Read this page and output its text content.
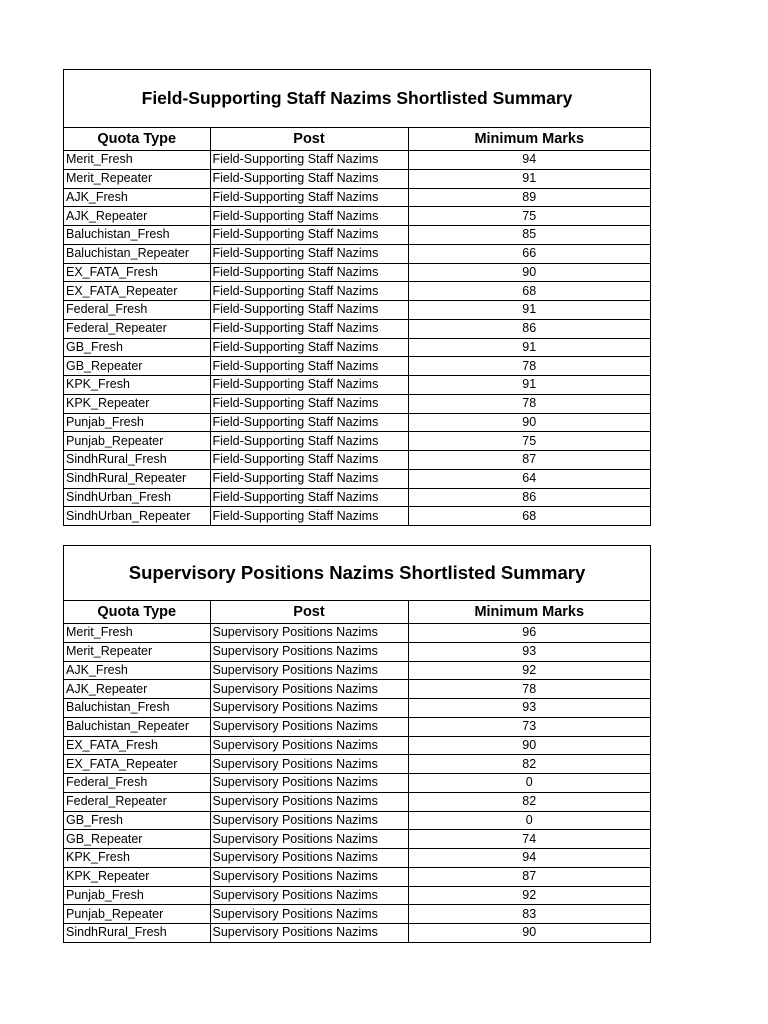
Field-Supporting Staff Nazims Shortlisted Summary
Quota Type	Post	Minimum Marks
Merit_Fresh	Field-Supporting Staff Nazims	94
Merit_Repeater	Field-Supporting Staff Nazims	91
AJK_Fresh	Field-Supporting Staff Nazims	89
AJK_Repeater	Field-Supporting Staff Nazims	75
Baluchistan_Fresh	Field-Supporting Staff Nazims	85
Baluchistan_Repeater	Field-Supporting Staff Nazims	66
EX_FATA_Fresh	Field-Supporting Staff Nazims	90
EX_FATA_Repeater	Field-Supporting Staff Nazims	68
Federal_Fresh	Field-Supporting Staff Nazims	91
Federal_Repeater	Field-Supporting Staff Nazims	86
GB_Fresh	Field-Supporting Staff Nazims	91
GB_Repeater	Field-Supporting Staff Nazims	78
KPK_Fresh	Field-Supporting Staff Nazims	91
KPK_Repeater	Field-Supporting Staff Nazims	78
Punjab_Fresh	Field-Supporting Staff Nazims	90
Punjab_Repeater	Field-Supporting Staff Nazims	75
SindhRural_Fresh	Field-Supporting Staff Nazims	87
SindhRural_Repeater	Field-Supporting Staff Nazims	64
SindhUrban_Fresh	Field-Supporting Staff Nazims	86
SindhUrban_Repeater	Field-Supporting Staff Nazims	68
Supervisory Positions Nazims Shortlisted Summary
Quota Type	Post	Minimum Marks
Merit_Fresh	Supervisory Positions Nazims	96
Merit_Repeater	Supervisory Positions Nazims	93
AJK_Fresh	Supervisory Positions Nazims	92
AJK_Repeater	Supervisory Positions Nazims	78
Baluchistan_Fresh	Supervisory Positions Nazims	93
Baluchistan_Repeater	Supervisory Positions Nazims	73
EX_FATA_Fresh	Supervisory Positions Nazims	90
EX_FATA_Repeater	Supervisory Positions Nazims	82
Federal_Fresh	Supervisory Positions Nazims	0
Federal_Repeater	Supervisory Positions Nazims	82
GB_Fresh	Supervisory Positions Nazims	0
GB_Repeater	Supervisory Positions Nazims	74
KPK_Fresh	Supervisory Positions Nazims	94
KPK_Repeater	Supervisory Positions Nazims	87
Punjab_Fresh	Supervisory Positions Nazims	92
Punjab_Repeater	Supervisory Positions Nazims	83
SindhRural_Fresh	Supervisory Positions Nazims	90
